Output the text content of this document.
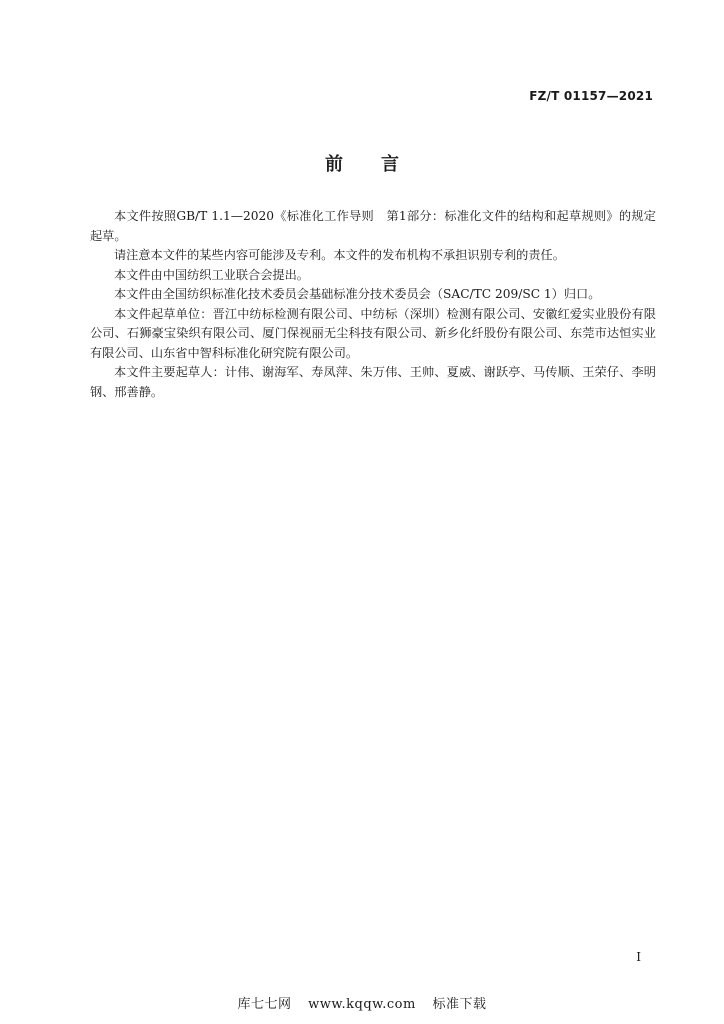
FZ/T 01157—2021
前言

本文件按照GB/T 1.1—2020《标准化工作导则　第1部分：标准化文件的结构和起草规则》的规定起草。

请注意本文件的某些内容可能涉及专利。本文件的发布机构不承担识别专利的责任。

本文件由中国纺织工业联合会提出。

本文件由全国纺织标准化技术委员会基础标准分技术委员会（SAC/TC 209/SC 1）归口。

本文件起草单位：晋江中纺标检测有限公司、中纺标（深圳）检测有限公司、安徽红爱实业股份有限公司、石狮豪宝染织有限公司、厦门保视丽无尘科技有限公司、新乡化纤股份有限公司、东莞市达恒实业有限公司、山东省中智科标准化研究院有限公司。

本文件主要起草人：计伟、谢海军、寿凤萍、朱万伟、王帅、夏威、谢跃亭、马传顺、王荣仔、李明钢、邢善静。

I
库七七网 www.kqqw.com 标准下载
